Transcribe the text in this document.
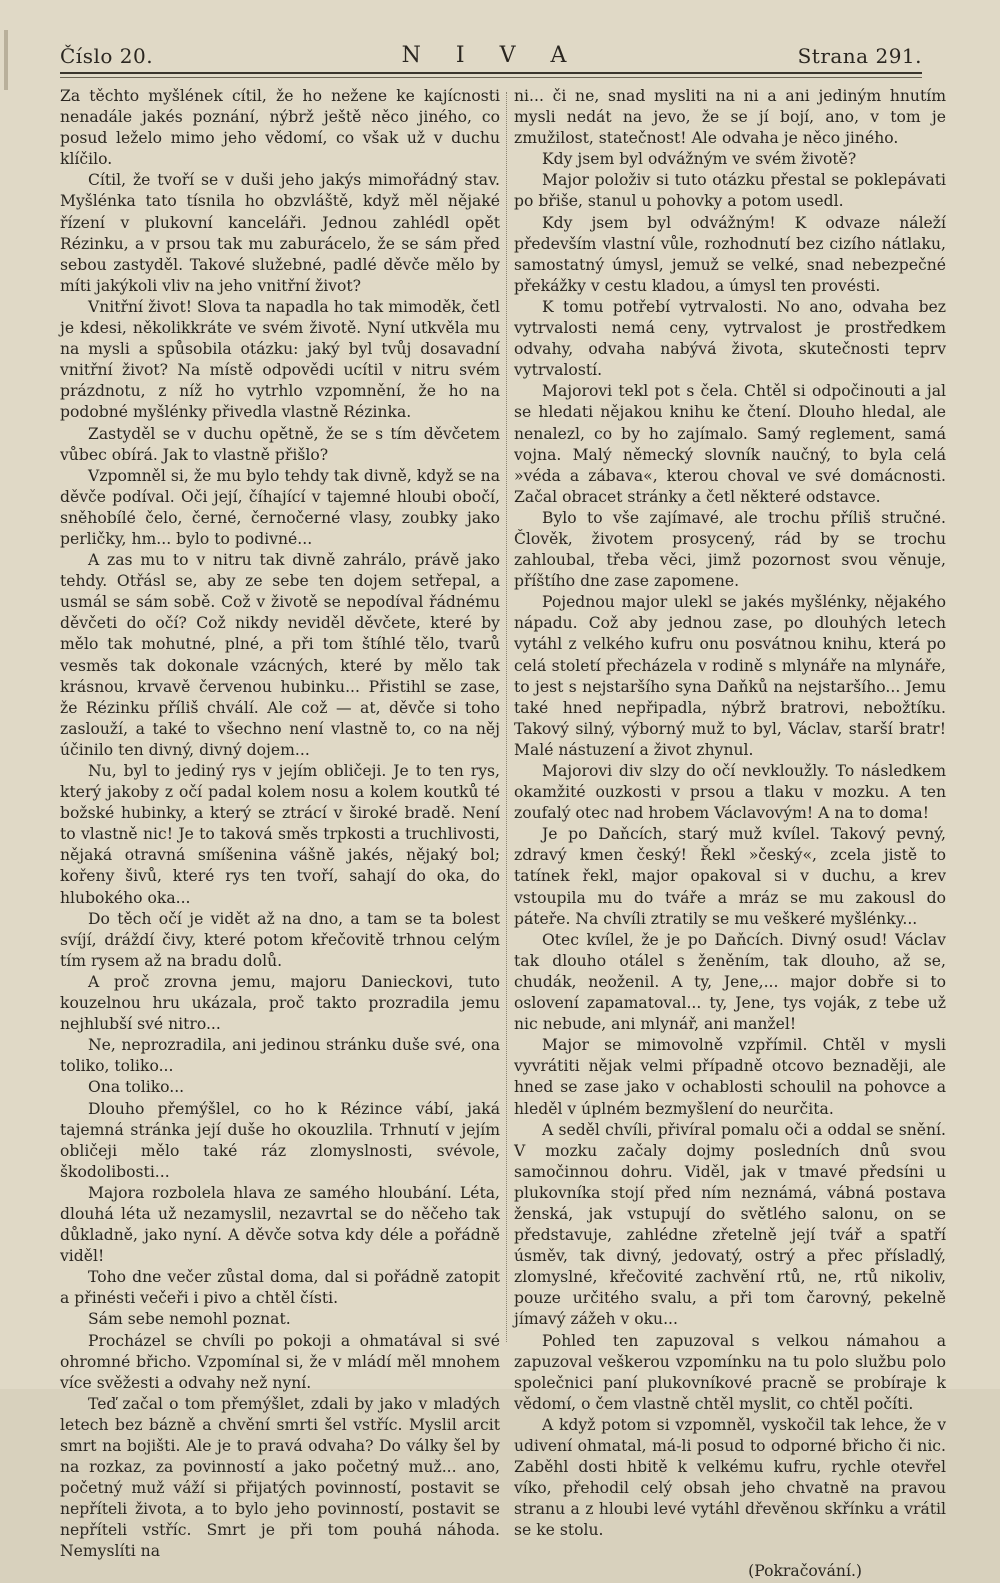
Číslo 20.	N I V A	Strana 291.

Za těchto myšlének cítil, že ho nežene ke kajícnosti nenadále jakés poznání, nýbrž ještě něco jiného, co posud leželo mimo jeho vědomí, co však už v duchu klíčilo.

Cítil, že tvoří se v duši jeho jakýs mimořádný stav. Myšlénka tato tísnila ho obzvláště, když měl nějaké řízení v plukovní kanceláři. Jednou zahlédl opět Rézinku, a v prsou tak mu zaburácelo, že se sám před sebou zastyděl. Takové služebné, padlé děvče mělo by míti jakýkoli vliv na jeho vnitřní život?

Vnitřní život! Slova ta napadla ho tak mimoděk, četl je kdesi, několikkráte ve svém životě. Nyní utkvěla mu na mysli a spůsobila otázku: jaký byl tvůj dosavadní vnitřní život? Na místě odpovědi ucítil v nitru svém prázdnotu, z níž ho vytrhlo vzpomnění, že ho na podobné myšlénky přivedla vlastně Rézinka.

Zastyděl se v duchu opětně, že se s tím děvčetem vůbec obírá. Jak to vlastně přišlo?

Vzpomněl si, že mu bylo tehdy tak divně, když se na děvče podíval. Oči její, číhající v tajemné hloubi obočí, sněhobílé čelo, černé, černočerné vlasy, zoubky jako perličky, hm... bylo to podivné...

A zas mu to v nitru tak divně zahrálo, právě jako tehdy. Otřásl se, aby ze sebe ten dojem setřepal, a usmál se sám sobě. Což v životě se nepodíval řádnému děvčeti do očí? Což nikdy neviděl děvčete, které by mělo tak mohutné, plné, a při tom štíhlé tělo, tvarů vesměs tak dokonale vzácných, které by mělo tak krásnou, krvavě červenou hubinku... Přistihl se zase, že Rézinku příliš chválí. Ale což — at, děvče si toho zaslouží, a také to všechno není vlastně to, co na něj účinilo ten divný, divný dojem...

Nu, byl to jediný rys v jejím obličeji. Je to ten rys, který jakoby z očí padal kolem nosu a kolem koutků té božské hubinky, a který se ztrácí v široké bradě. Není to vlastně nic! Je to taková směs trpkosti a truchlivosti, nějaká otravná smíšenina vášně jakés, nějaký bol; kořeny šivů, které rys ten tvoří, sahají do oka, do hlubokého oka...

Do těch očí je vidět až na dno, a tam se ta bolest svíjí, dráždí čivy, které potom křečovitě trhnou celým tím rysem až na bradu dolů.

A proč zrovna jemu, majoru Danieckovi, tuto kouzelnou hru ukázala, proč takto prozradila jemu nejhlubší své nitro...

Ne, neprozradila, ani jedinou stránku duše své, ona toliko, toliko...

Ona toliko...

Dlouho přemýšlel, co ho k Rézince vábí, jaká tajemná stránka její duše ho okouzlila. Trhnutí v jejím obličeji mělo také ráz zlomyslnosti, svévole, škodolibosti...

Majora rozbolela hlava ze samého hloubání. Léta, dlouhá léta už nezamyslil, nezavrtal se do něčeho tak důkladně, jako nyní. A děvče sotva kdy déle a pořádně viděl!

Toho dne večer zůstal doma, dal si pořádně zatopit a přinésti večeři i pivo a chtěl čísti.

Sám sebe nemohl poznat.

Procházel se chvíli po pokoji a ohmatával si své ohromné břicho. Vzpomínal si, že v mládí měl mnohem více svěžesti a odvahy než nyní.

Teď začal o tom přemýšlet, zdali by jako v mladých letech bez bázně a chvění smrti šel vstříc. Myslil arcit smrt na bojišti. Ale je to pravá odvaha? Do války šel by na rozkaz, za povinností a jako početný muž... ano, početný muž váží si přijatých povinností, postavit se nepříteli života, a to bylo jeho povinností, postavit se nepříteli vstříc. Smrt je při tom pouhá náhoda. Nemyslíti na

ni... či ne, snad mysliti na ni a ani jediným hnutím mysli nedát na jevo, že se jí bojí, ano, v tom je zmužilost, statečnost! Ale odvaha je něco jiného.

Kdy jsem byl odvážným ve svém životě?

Major položiv si tuto otázku přestal se poklepávati po břiše, stanul u pohovky a potom usedl.

Kdy jsem byl odvážným! K odvaze náleží především vlastní vůle, rozhodnutí bez cizího nátlaku, samostatný úmysl, jemuž se velké, snad nebezpečné překážky v cestu kladou, a úmysl ten provésti.

K tomu potřebí vytrvalosti. No ano, odvaha bez vytrvalosti nemá ceny, vytrvalost je prostředkem odvahy, odvaha nabývá života, skutečnosti teprv vytrvalostí.

Majorovi tekl pot s čela. Chtěl si odpočinouti a jal se hledati nějakou knihu ke čtení. Dlouho hledal, ale nenalezl, co by ho zajímalo. Samý reglement, samá vojna. Malý německý slovník naučný, to byla celá »véda a zábava«, kterou choval ve své domácnosti. Začal obracet stránky a četl některé odstavce.

Bylo to vše zajímavé, ale trochu příliš stručné. Člověk, životem prosycený, rád by se trochu zahloubal, třeba věci, jimž pozornost svou věnuje, příštího dne zase zapomene.

Pojednou major ulekl se jakés myšlénky, nějakého nápadu. Což aby jednou zase, po dlouhých letech vytáhl z velkého kufru onu posvátnou knihu, která po celá století přecházela v rodině s mlynáře na mlynáře, to jest s nejstaršího syna Daňků na nejstaršího... Jemu také hned nepřipadla, nýbrž bratrovi, nebožtíku. Takový silný, výborný muž to byl, Václav, starší bratr! Malé nástuzení a život zhynul.

Majorovi div slzy do očí nevkloužly. To následkem okamžité ouzkosti v prsou a tlaku v mozku. A ten zoufalý otec nad hrobem Václavovým! A na to doma!

Je po Daňcích, starý muž kvílel. Takový pevný, zdravý kmen český! Řekl »český«, zcela jistě to tatínek řekl, major opakoval si v duchu, a krev vstoupila mu do tváře a mráz se mu zakousl do páteře. Na chvíli ztratily se mu veškeré myšlénky...

Otec kvílel, že je po Daňcích. Divný osud! Václav tak dlouho otálel s ženěním, tak dlouho, až se, chudák, neoženil. A ty, Jene,... major dobře si to oslovení zapamatoval... ty, Jene, tys voják, z tebe už nic nebude, ani mlynář, ani manžel!

Major se mimovolně vzpřímil. Chtěl v mysli vyvrátiti nějak velmi případně otcovo beznaději, ale hned se zase jako v ochablosti schoulil na pohovce a hleděl v úplném bezmyšlení do neurčita.

A seděl chvíli, přivíral pomalu oči a oddal se snění. V mozku začaly dojmy posledních dnů svou samočinnou dohru. Viděl, jak v tmavé předsíni u plukovníka stojí před ním neznámá, vábná postava ženská, jak vstupují do světlého salonu, on se představuje, zahlédne zřetelně její tvář a spatří úsměv, tak divný, jedovatý, ostrý a přec přísladlý, zlomyslné, křečovité zachvění rtů, ne, rtů nikoliv, pouze určitého svalu, a při tom čarovný, pekelně jímavý zážeh v oku...

Pohled ten zapuzoval s velkou námahou a zapuzoval veškerou vzpomínku na tu polo službu polo společnici paní plukovníkové pracně se probíraje k vědomí, o čem vlastně chtěl myslit, co chtěl počíti.

A když potom si vzpomněl, vyskočil tak lehce, že v udivení ohmatal, má-li posud to odporné břicho či nic. Zaběhl dosti hbitě k velkému kufru, rychle otevřel víko, přehodil celý obsah jeho chvatně na pravou stranu a z hloubi levé vytáhl dřevěnou skřínku a vrátil se ke stolu.

(Pokračování.)
